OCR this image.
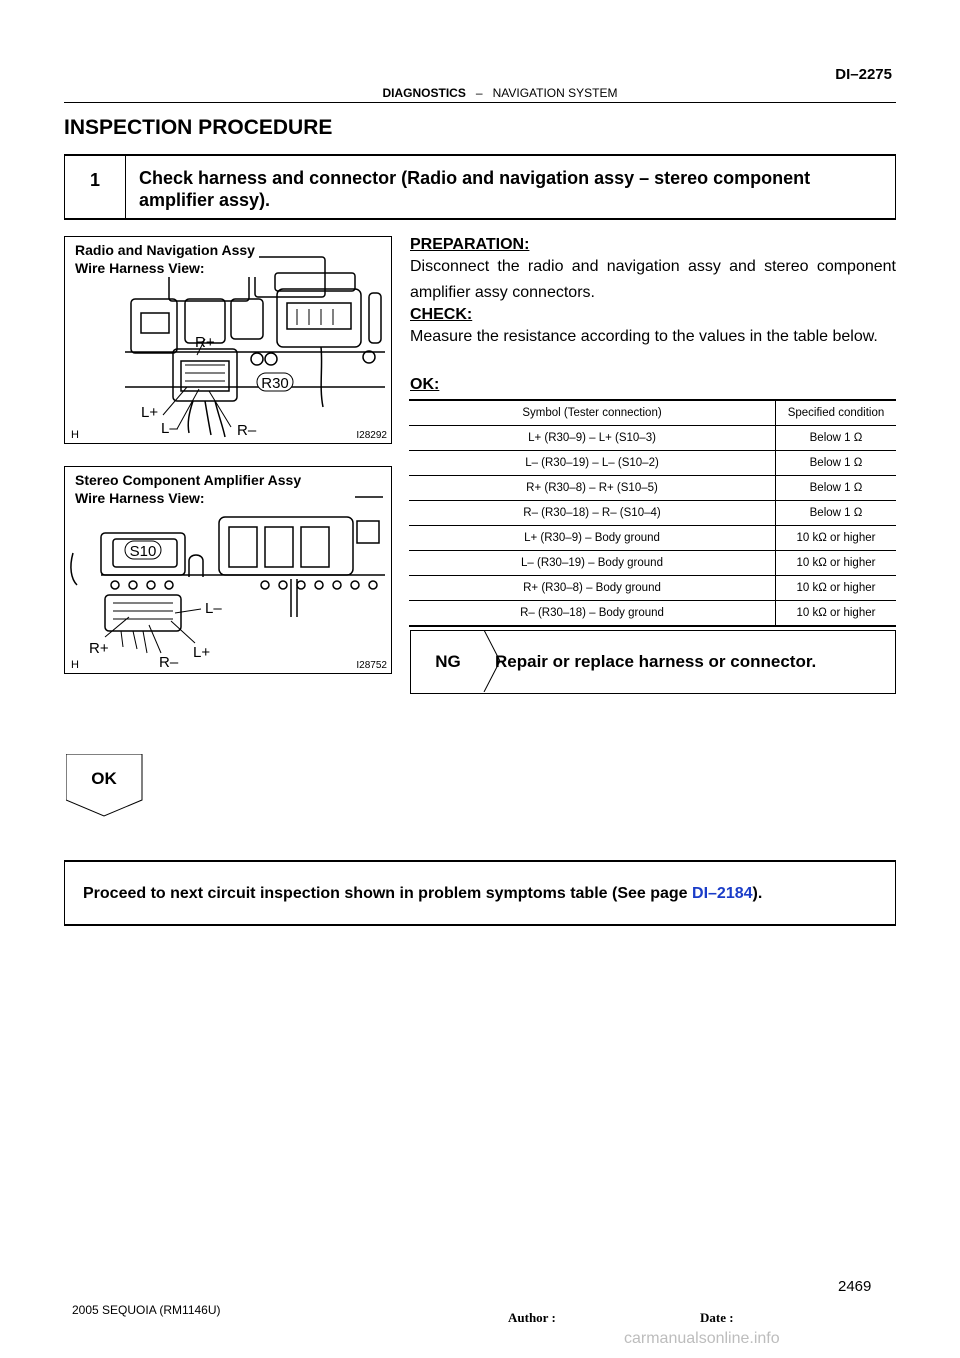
DI–2275
DIAGNOSTICS – NAVIGATION SYSTEM
INSPECTION PROCEDURE
1	Check harness and connector (Radio and navigation assy – stereo component amplifier assy).
R30
R+
L+
L–	R–
Radio and Navigation Assy
Wire Harness View:
H	I28292
S10
L–
R+	L+
R–
Stereo Component Amplifier Assy
Wire Harness View:
H	I28752
PREPARATION:
Disconnect the radio and navigation assy and stereo component amplifier assy connectors.
CHECK:
Measure the resistance according to the values in the table below.
OK:
Symbol (Tester connection)	Specified condition
L+ (R30–9) – L+ (S10–3)	Below 1 Ω
L– (R30–19) – L– (S10–2)	Below 1 Ω
R+ (R30–8) – R+ (S10–5)	Below 1 Ω
R– (R30–18) – R– (S10–4)	Below 1 Ω
L+ (R30–9) – Body ground	10 kΩ or higher
L– (R30–19) – Body ground	10 kΩ or higher
R+ (R30–8) – Body ground	10 kΩ or higher
R– (R30–18) – Body ground	10 kΩ or higher
NG	Repair or replace harness or connector.
OK
Proceed to next circuit inspection shown in problem symptoms table (See page DI–2184).
2469
2005 SEQUOIA (RM1146U)	Author :	Date :
carmanualsonline.info
